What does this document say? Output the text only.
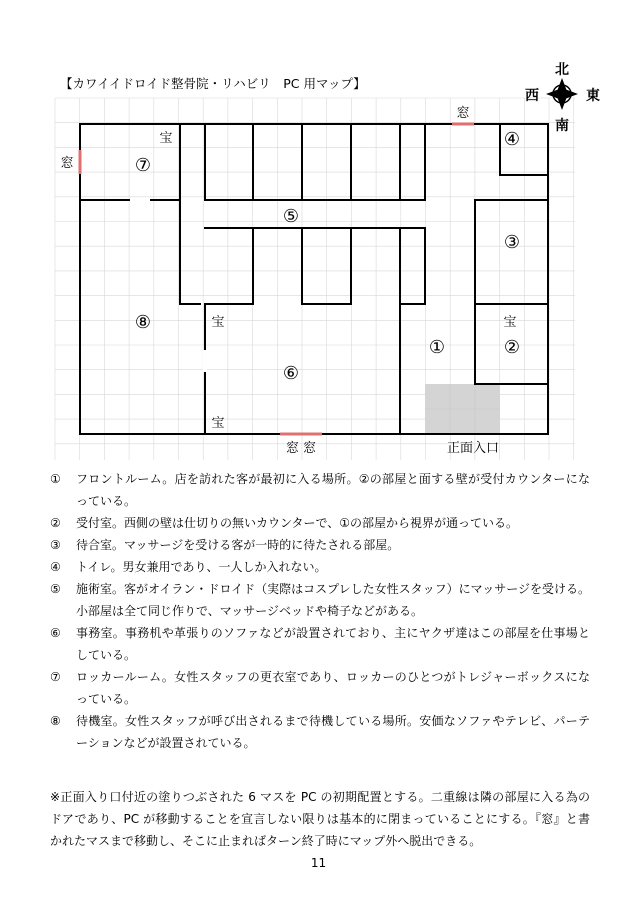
【カワイイドロイド整骨院・リハビリ　PC 用マップ】
窓
窓
窓 窓
宝
宝
宝
宝
正面入口
①	②
③
④
⑤
⑥
⑦
⑧
北
南
西	東
①	フロントルーム。店を訪れた客が最初に入る場所。②の部屋と面する壁が受付カウンターになっている。
②	受付室。西側の壁は仕切りの無いカウンターで、①の部屋から視界が通っている。
③	待合室。マッサージを受ける客が一時的に待たされる部屋。
④	トイレ。男女兼用であり、一人しか入れない。
⑤	施術室。客がオイラン・ドロイド（実際はコスプレした女性スタッフ）にマッサージを受ける。小部屋は全て同じ作りで、マッサージベッドや椅子などがある。
⑥	事務室。事務机や革張りのソファなどが設置されており、主にヤクザ達はこの部屋を仕事場としている。
⑦	ロッカールーム。女性スタッフの更衣室であり、ロッカーのひとつがトレジャーボックスになっている。
⑧	待機室。女性スタッフが呼び出されるまで待機している場所。安価なソファやテレビ、パーテーションなどが設置されている。
※正面入り口付近の塗りつぶされた 6 マスを PC の初期配置とする。二重線は隣の部屋に入る為のドアであり、PC が移動することを宣言しない限りは基本的に閉まっていることにする。『窓』と書かれたマスまで移動し、そこに止まればターン終了時にマップ外へ脱出できる。
11
